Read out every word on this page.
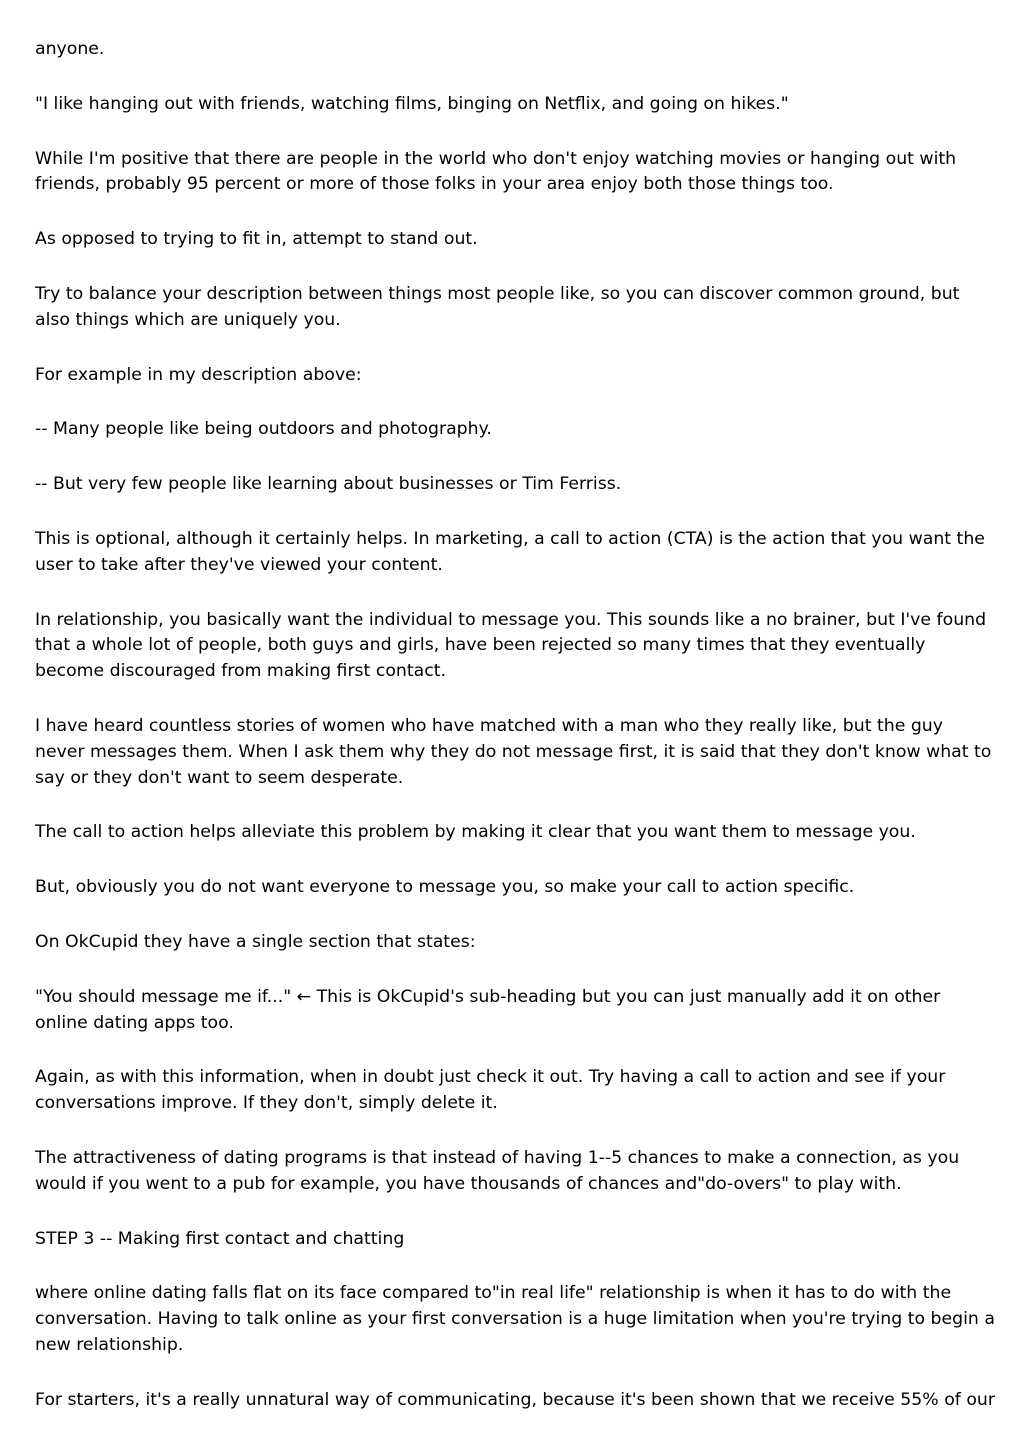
anyone.

"I like hanging out with friends, watching films, binging on Netflix, and going on hikes."

While I'm positive that there are people in the world who don't enjoy watching movies or hanging out with friends, probably 95 percent or more of those folks in your area enjoy both those things too.

As opposed to trying to fit in, attempt to stand out.

Try to balance your description between things most people like, so you can discover common ground, but also things which are uniquely you.

For example in my description above:

-- Many people like being outdoors and photography.

-- But very few people like learning about businesses or Tim Ferriss.

This is optional, although it certainly helps. In marketing, a call to action (CTA) is the action that you want the user to take after they've viewed your content.

In relationship, you basically want the individual to message you. This sounds like a no brainer, but I've found that a whole lot of people, both guys and girls, have been rejected so many times that they eventually become discouraged from making first contact.

I have heard countless stories of women who have matched with a man who they really like, but the guy never messages them. When I ask them why they do not message first, it is said that they don't know what to say or they don't want to seem desperate.

The call to action helps alleviate this problem by making it clear that you want them to message you.

But, obviously you do not want everyone to message you, so make your call to action specific.

On OkCupid they have a single section that states:

"You should message me if..." ← This is OkCupid's sub-heading but you can just manually add it on other online dating apps too.

Again, as with this information, when in doubt just check it out. Try having a call to action and see if your conversations improve. If they don't, simply delete it.

The attractiveness of dating programs is that instead of having 1--5 chances to make a connection, as you would if you went to a pub for example, you have thousands of chances and"do-overs" to play with.

STEP 3 -- Making first contact and chatting

where online dating falls flat on its face compared to"in real life" relationship is when it has to do with the conversation. Having to talk online as your first conversation is a huge limitation when you're trying to begin a new relationship.

For starters, it's a really unnatural way of communicating, because it's been shown that we receive 55% of our
